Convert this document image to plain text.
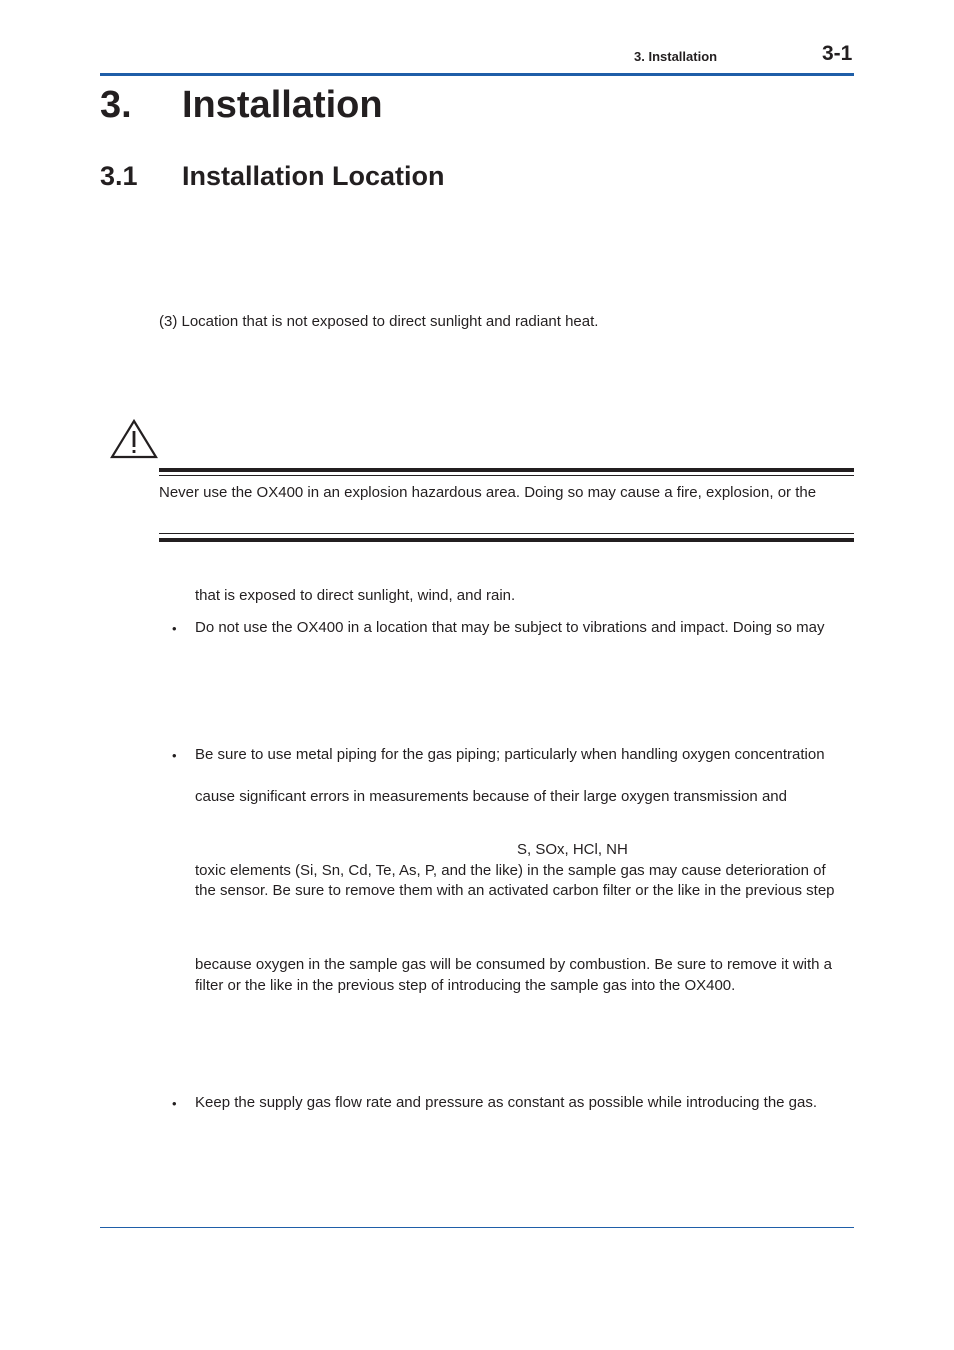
3. Installation	3-1
3. Installation
3.1 Installation Location
(3) Location that is not exposed to direct sunlight and radiant heat.
Never use the OX400 in an explosion hazardous area. Doing so may cause a fire, explosion, or the
that is exposed to direct sunlight, wind, and rain.
• Do not use the OX400 in a location that may be subject to vibrations and impact. Doing so may
• Be sure to use metal piping for the gas piping; particularly when handling oxygen concentration
cause significant errors in measurements because of their large oxygen transmission and
S, SOx, HCl, NH
toxic elements (Si, Sn, Cd, Te, As, P, and the like) in the sample gas may cause deterioration of
the sensor. Be sure to remove them with an activated carbon filter or the like in the previous step
because oxygen in the sample gas will be consumed by combustion. Be sure to remove it with a
filter or the like in the previous step of introducing the sample gas into the OX400.
• Keep the supply gas flow rate and pressure as constant as possible while introducing the gas.
